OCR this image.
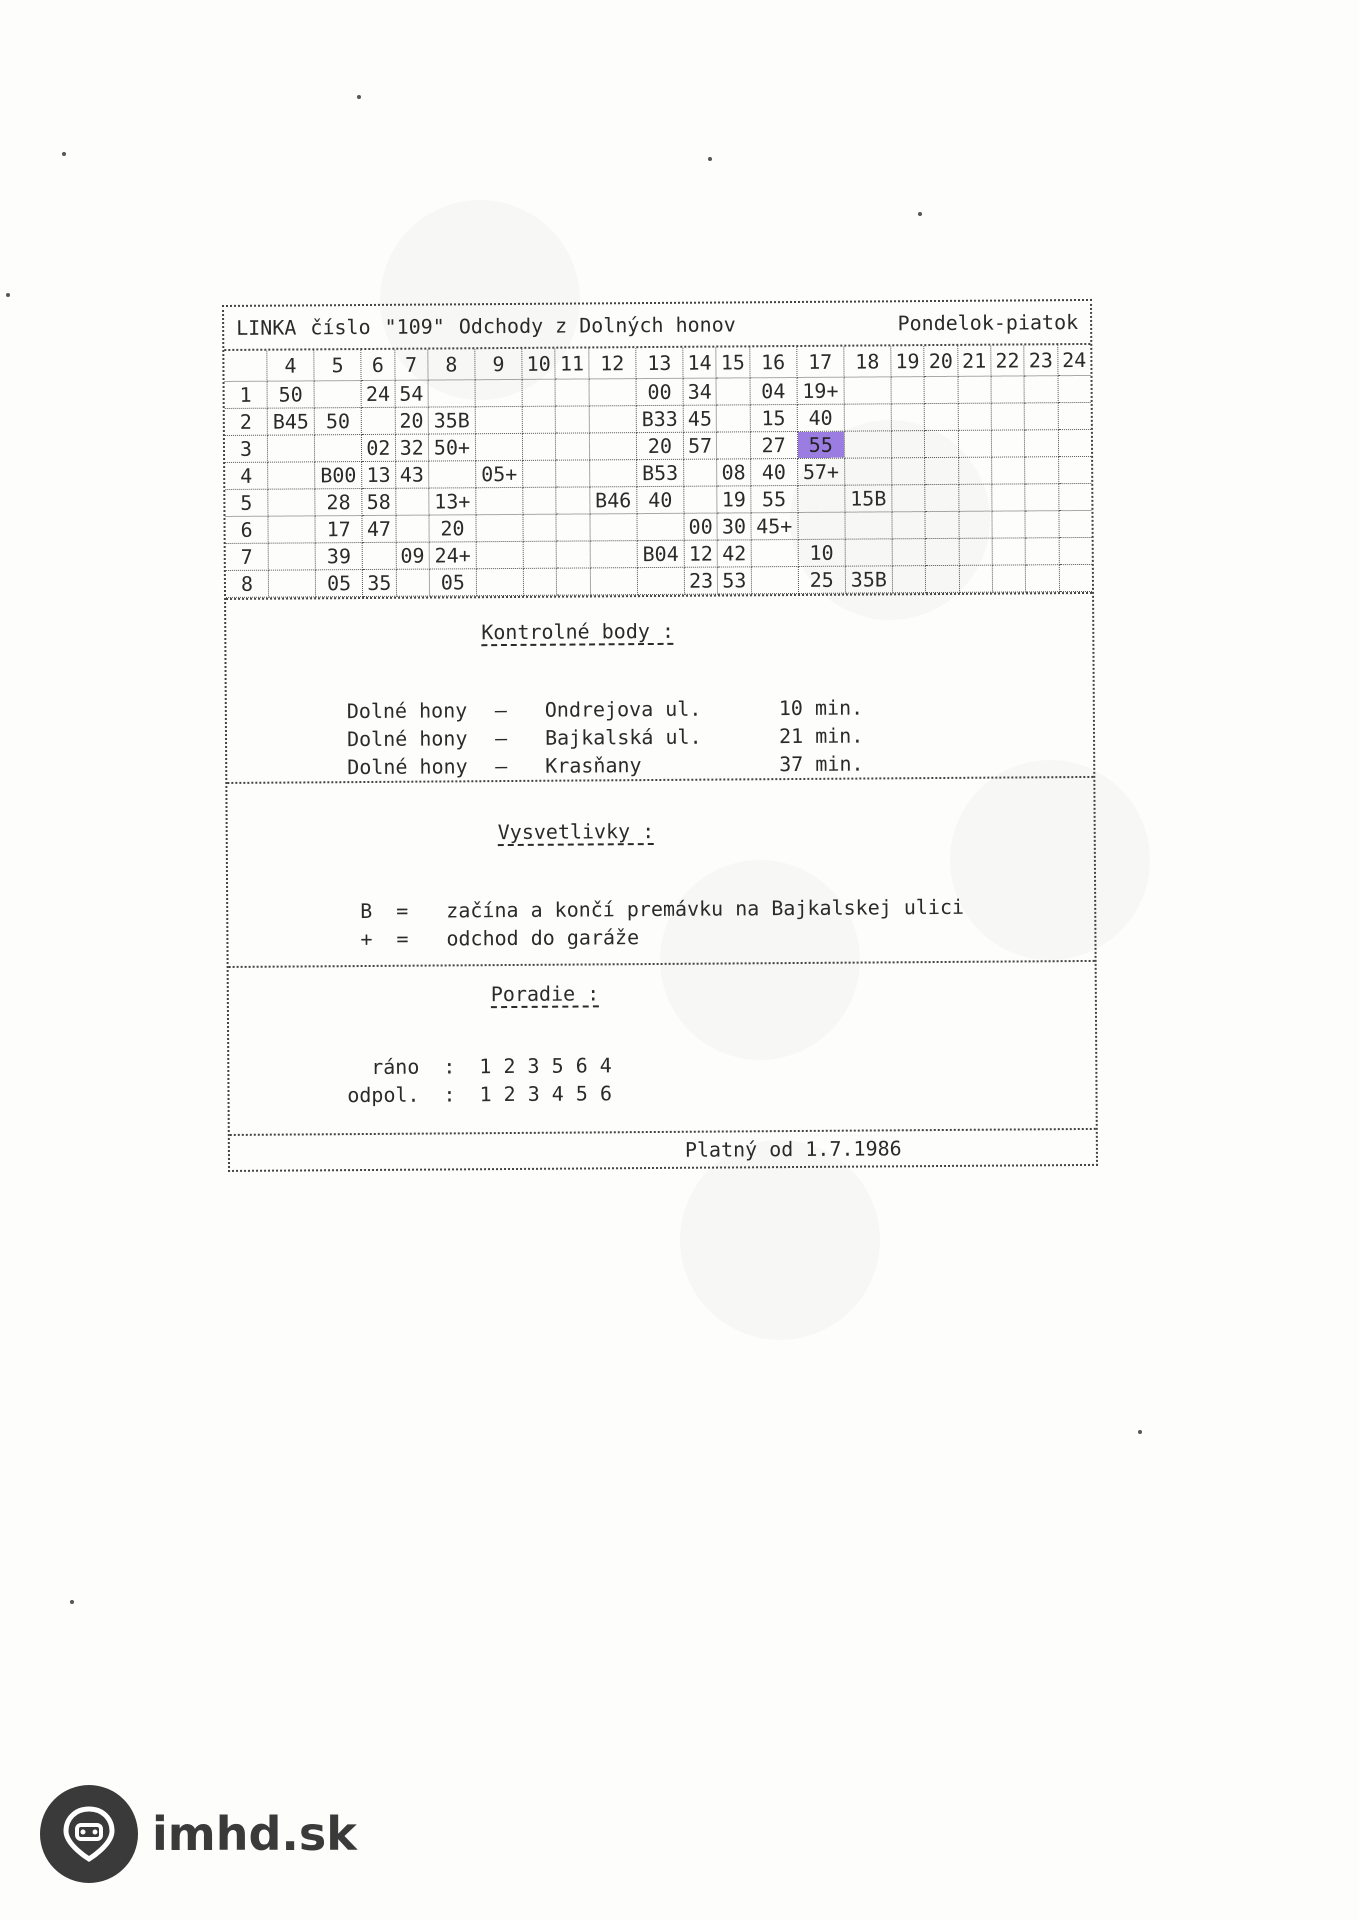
LINKA číslo "109" Odchody z Dolných honov	Pondelok-piatok
	4	5	6	7	8	9	10	11	12	13	14	15	16	17	18	19	20	21	22	23	24
1	50		24	54						00	34		04	19+							
2	B45	50		20	35B					B33	45		15	40							
3			02	32	50+					20	57		27	55							
4		B00	13	43		05+				B53		08	40	57+							
5		28	58		13+				B46	40		19	55		15B						
6		17	47		20						00	30	45+								
7		39		09	24+					B04	12	42		10							
8		05	35		05						23	53		25	35B						
Kontrolné body :
Dolné hony	–	Ondrejova ul.	10 min.
Dolné hony	–	Bajkalská ul.	21 min.
Dolné hony	–	Krasňany	37 min.
Vysvetlivky :
B	=	začína a končí premávku na Bajkalskej ulici
+	=	odchod do garáže
Poradie :
ráno	:	1 2 3 5 6 4
odpol.	:	1 2 3 4 5 6
Platný od 1.7.1986
imhd.sk
